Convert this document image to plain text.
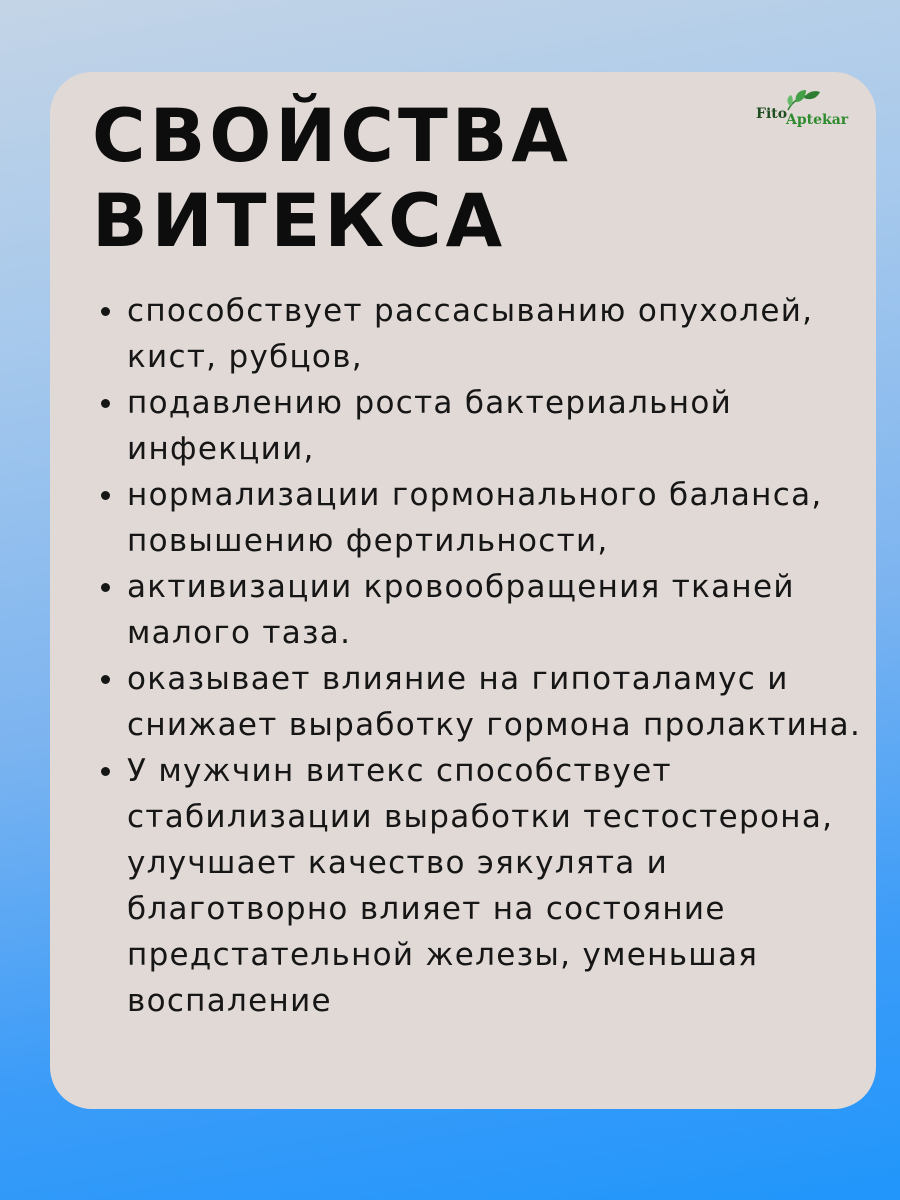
СВОЙСТВА
ВИТЕКСА
Fito
Aptekar
способствует рассасыванию опухолей, кист, рубцов,
подавлению роста бактериальной инфекции,
нормализации гормонального баланса, повышению фертильности,
активизации кровообращения тканей малого таза.
оказывает влияние на гипоталамус и снижает выработку гормона пролактина.
У мужчин витекс способствует стабилизации выработки тестостерона, улучшает качество эякулята и благотворно влияет на состояние предстательной железы, уменьшая воспаление
